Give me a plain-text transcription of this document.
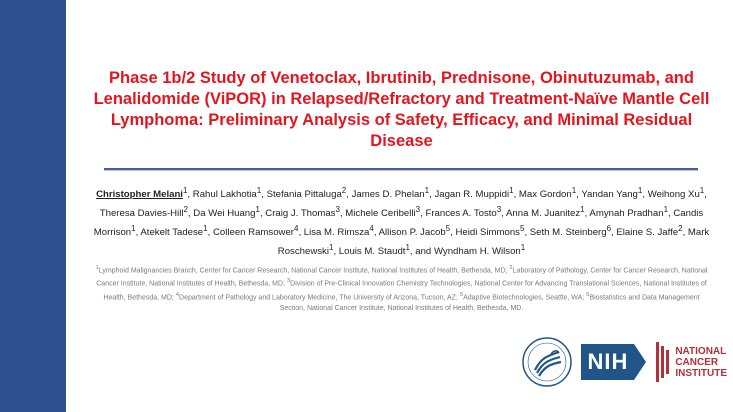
Phase 1b/2 Study of Venetoclax, Ibrutinib, Prednisone, Obinutuzumab, and Lenalidomide (ViPOR) in Relapsed/Refractory and Treatment-Naïve Mantle Cell Lymphoma: Preliminary Analysis of Safety, Efficacy, and Minimal Residual Disease
Christopher Melani$^1$, Rahul Lakhotia$^1$, Stefania Pittaluga$^2$, James D. Phelan$^1$, Jagan R. Muppidi$^1$, Max Gordon$^1$, Yandan Yang$^1$, Weihong Xu$^1$, Theresa Davies-Hill$^2$, Da Wei Huang$^1$, Craig J. Thomas$^3$, Michele Ceribelli$^3$, Frances A. Tosto$^3$, Anna M. Juanitez$^1$, Amynah Pradhan$^1$, Candis Morrison$^1$, Atekelt Tadese$^1$, Colleen Ramsower$^4$, Lisa M. Rimsza$^4$, Allison P. Jacob$^5$, Heidi Simmons$^5$, Seth M. Steinberg$^6$, Elaine S. Jaffe$^2$, Mark Roschewski$^1$, Louis M. Staudt$^1$, and Wyndham H. Wilson$^1$
$^1$Lymphoid Malignancies Branch, Center for Cancer Research, National Cancer Institute, National Institutes of Health, Bethesda, MD; $^2$Laboratory of Pathology, Center for Cancer Research, National Cancer Institute, National Institutes of Health, Bethesda, MD; $^3$Division of Pre-Clinical Innovation Chemistry Technologies, National Center for Advancing Translational Sciences, National Institutes of Health, Bethesda, MD; $^4$Department of Pathology and Laboratory Medicine, The University of Arizona, Tucson, AZ; $^5$Adaptive Biotechnologies, Seattle, WA; $^6$Biostatistics and Data Management Section, National Cancer Institute, National Institutes of Health, Bethesda, MD.
NIH	NATIONAL
CANCER
INSTITUTE
